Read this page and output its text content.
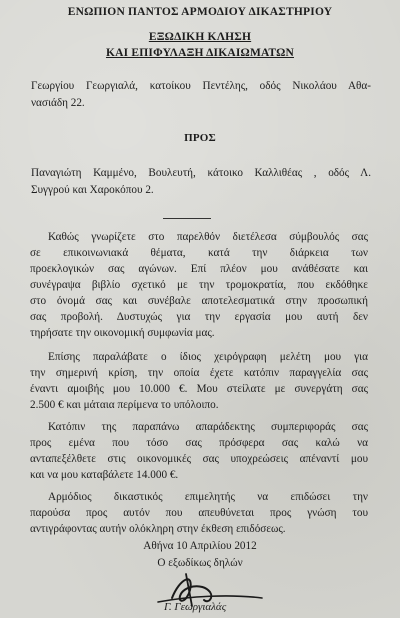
ΕΝΩΠΙΟΝ ΠΑΝΤΟΣ ΑΡΜΟΔΙΟΥ ΔΙΚΑΣΤΗΡΙΟΥ
ΕΞΩΔΙΚΗ ΚΛΗΣΗ
ΚΑΙ ΕΠΙΦΥΛΑΞΗ ΔΙΚΑΙΩΜΑΤΩΝ
Γεωργίου Γεωργιαλά, κατοίκου Πεντέλης, οδός Νικολάου Αθα-
νασιάδη 22.
ΠΡΟΣ
Παναγιώτη Καμμένο, Βουλευτή, κάτοικο Καλλιθέας , οδός Λ.
Συγγρού και Χαροκόπου 2.
Καθώς γνωρίζετε στο παρελθόν διετέλεσα σύμβουλός σας
σε επικοινωνιακά θέματα, κατά την διάρκεια των
προεκλογικών σας αγώνων. Επί πλέον μου ανάθέσατε και
συνέγραψα βιβλίο σχετικό με την τρομοκρατία, που εκδόθηκε
στο όνομά σας και συνέβαλε αποτελεσματικά στην προσωπική
σας προβολή. Δυστυχώς για την εργασία μου αυτή δεν
τηρήσατε την οικονομική συμφωνία μας.
Επίσης παραλάβατε ο ίδιος χειρόγραφη μελέτη μου για
την σημερινή κρίση, την οποία έχετε κατόπιν παραγγελία σας
έναντι αμοιβής μου 10.000 €. Μου στείλατε με συνεργάτη σας
2.500 € και μάταια περίμενα το υπόλοιπο.
Κατόπιν της παραπάνω απαράδεκτης συμπεριφοράς σας
προς εμένα που τόσο σας πρόσφερα σας καλώ να
ανταπεξέλθετε στις οικονομικές σας υποχρεώσεις απέναντί μου
και να μου καταβάλετε 14.000 €.
Αρμόδιος δικαστικός επιμελητής να επιδώσει την
παρούσα προς αυτόν που απευθύνεται προς γνώση του
αντιγράφοντας αυτήν ολόκληρη στην έκθεση επιδόσεως.
Αθήνα 10 Απριλίου 2012
Ο εξωδίκως δηλών
Γ. Γεωργιαλάς
